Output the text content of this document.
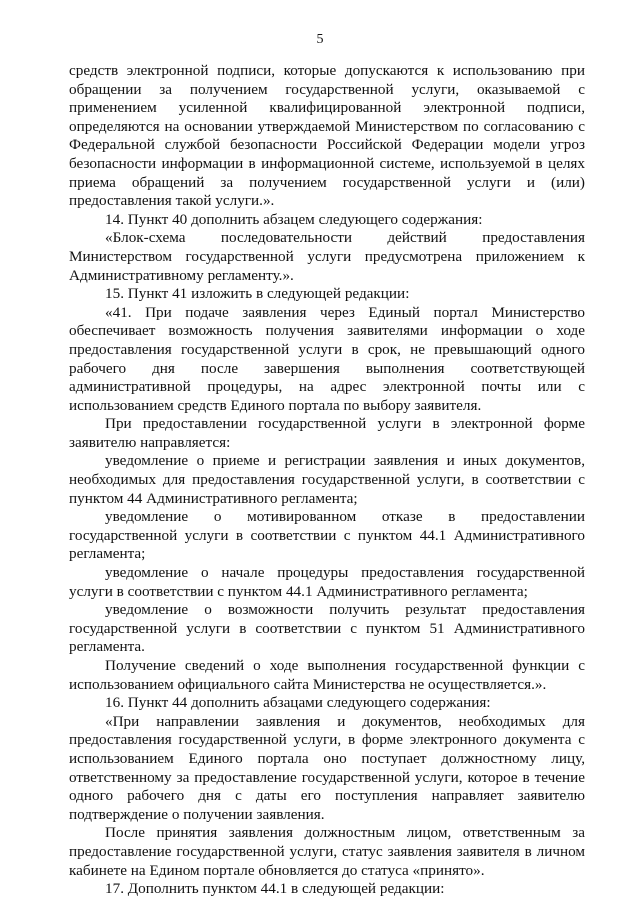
5

средств электронной подписи, которые допускаются к использованию при обращении за получением государственной услуги, оказываемой с применением усиленной квалифицированной электронной подписи, определяются на основании утверждаемой Министерством по согласованию с Федеральной службой безопасности Российской Федерации модели угроз безопасности информации в информационной системе, используемой в целях приема обращений за получением государственной услуги и (или) предоставления такой услуги.».

14. Пункт 40 дополнить абзацем следующего содержания:

«Блок-схема последовательности действий предоставления Министерством государственной услуги предусмотрена приложением к Административному регламенту.».

15. Пункт 41 изложить в следующей редакции:

«41. При подаче заявления через Единый портал Министерство обеспечивает возможность получения заявителями информации о ходе предоставления государственной услуги в срок, не превышающий одного рабочего дня после завершения выполнения соответствующей административной процедуры, на адрес электронной почты или с использованием средств Единого портала по выбору заявителя.

При предоставлении государственной услуги в электронной форме заявителю направляется:

уведомление о приеме и регистрации заявления и иных документов, необходимых для предоставления государственной услуги, в соответствии с пунктом 44 Административного регламента;

уведомление о мотивированном отказе в предоставлении государственной услуги в соответствии с пунктом 44.1 Административного регламента;

уведомление о начале процедуры предоставления государственной услуги в соответствии с пунктом 44.1 Административного регламента;

уведомление о возможности получить результат предоставления государственной услуги в соответствии с пунктом 51 Административного регламента.

Получение сведений о ходе выполнения государственной функции с использованием официального сайта Министерства не осуществляется.».

16. Пункт 44 дополнить абзацами следующего содержания:

«При направлении заявления и документов, необходимых для предоставления государственной услуги, в форме электронного документа с использованием Единого портала оно поступает должностному лицу, ответственному за предоставление государственной услуги, которое в течение одного рабочего дня с даты его поступления направляет заявителю подтверждение о получении заявления.

После принятия заявления должностным лицом, ответственным за предоставление государственной услуги, статус заявления заявителя в личном кабинете на Едином портале обновляется до статуса «принято».

17. Дополнить пунктом 44.1 в следующей редакции:
